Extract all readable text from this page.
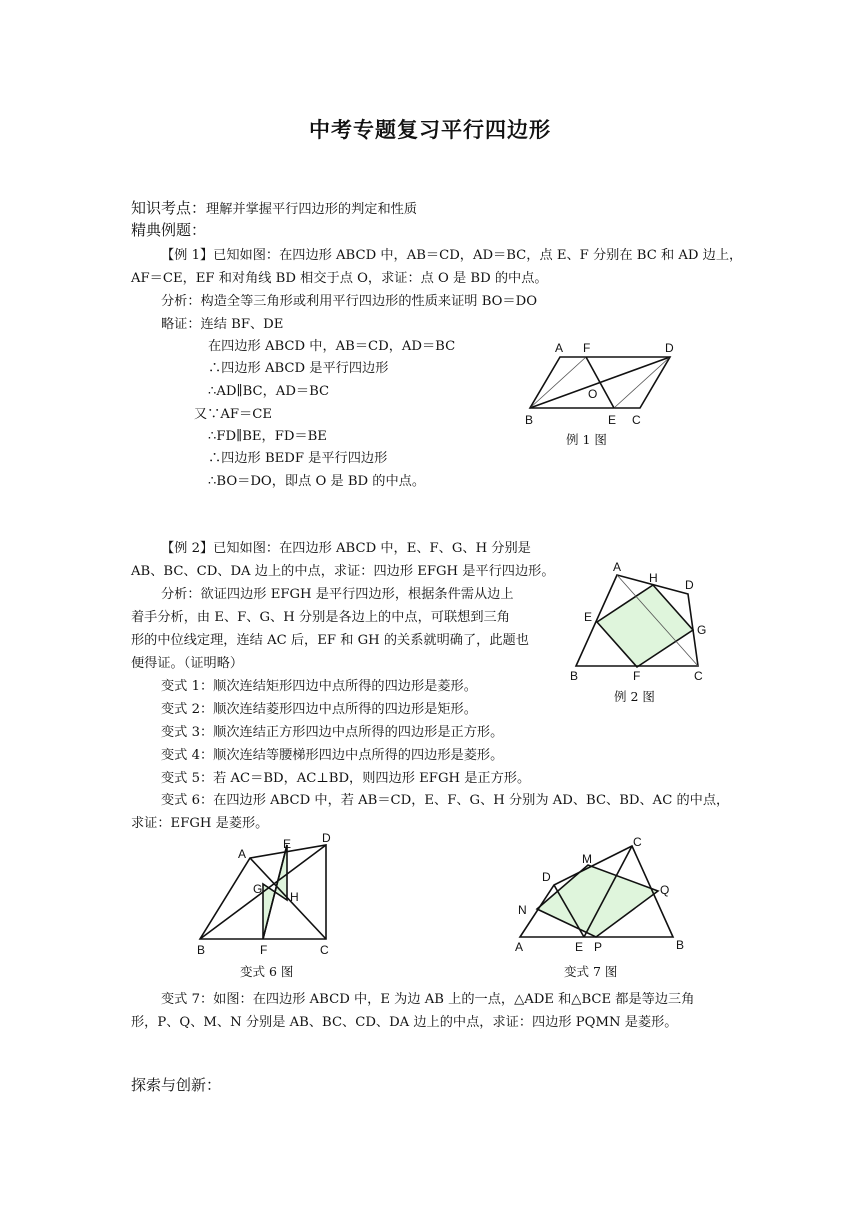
中考专题复习平行四边形
知识考点：理解并掌握平行四边形的判定和性质
精典例题：
【例 1】已知如图：在四边形 ABCD 中，AB＝CD，AD＝BC，点 E、F 分别在 BC 和 AD 边上，
AF＝CE，EF 和对角线 BD 相交于点 O，求证：点 O 是 BD 的中点。
分析：构造全等三角形或利用平行四边形的性质来证明 BO＝DO
略证：连结 BF、DE
在四边形 ABCD 中，AB＝CD，AD＝BC
∴四边形 ABCD 是平行四边形
∴AD∥BC，AD＝BC
又∵AF＝CE
∴FD∥BE，FD＝BE
∴四边形 BEDF 是平行四边形
∴BO＝DO，即点 O 是 BD 的中点。
A F	D
O
B	E C
例 1 图
【例 2】已知如图：在四边形 ABCD 中，E、F、G、H 分别是
AB、BC、CD、DA 边上的中点，求证：四边形 EFGH 是平行四边形。
分析：欲证四边形 EFGH 是平行四边形，根据条件需从边上
着手分析，由 E、F、G、H 分别是各边上的中点，可联想到三角
形的中位线定理，连结 AC 后，EF 和 GH 的关系就明确了，此题也
便得证。（证明略）
A
H D
E
G
B	F	C
例 2 图
变式 1：顺次连结矩形四边中点所得的四边形是菱形。
变式 2：顺次连结菱形四边中点所得的四边形是矩形。
变式 3：顺次连结正方形四边中点所得的四边形是正方形。
变式 4：顺次连结等腰梯形四边中点所得的四边形是菱形。
变式 5：若 AC＝BD，AC⊥BD，则四边形 EFGH 是正方形。
变式 6：在四边形 ABCD 中，若 AB＝CD，E、F、G、H 分别为 AD、BC、BD、AC 的中点，
求证：EFGH 是菱形。
A
E	D
G
H
B	F	C
变式 6 图
C
M
D
Q
N
A	E P	B
变式 7 图
变式 7：如图：在四边形 ABCD 中，E 为边 AB 上的一点，△ADE 和△BCE 都是等边三角
形，P、Q、M、N 分别是 AB、BC、CD、DA 边上的中点，求证：四边形 PQMN 是菱形。
探索与创新：
